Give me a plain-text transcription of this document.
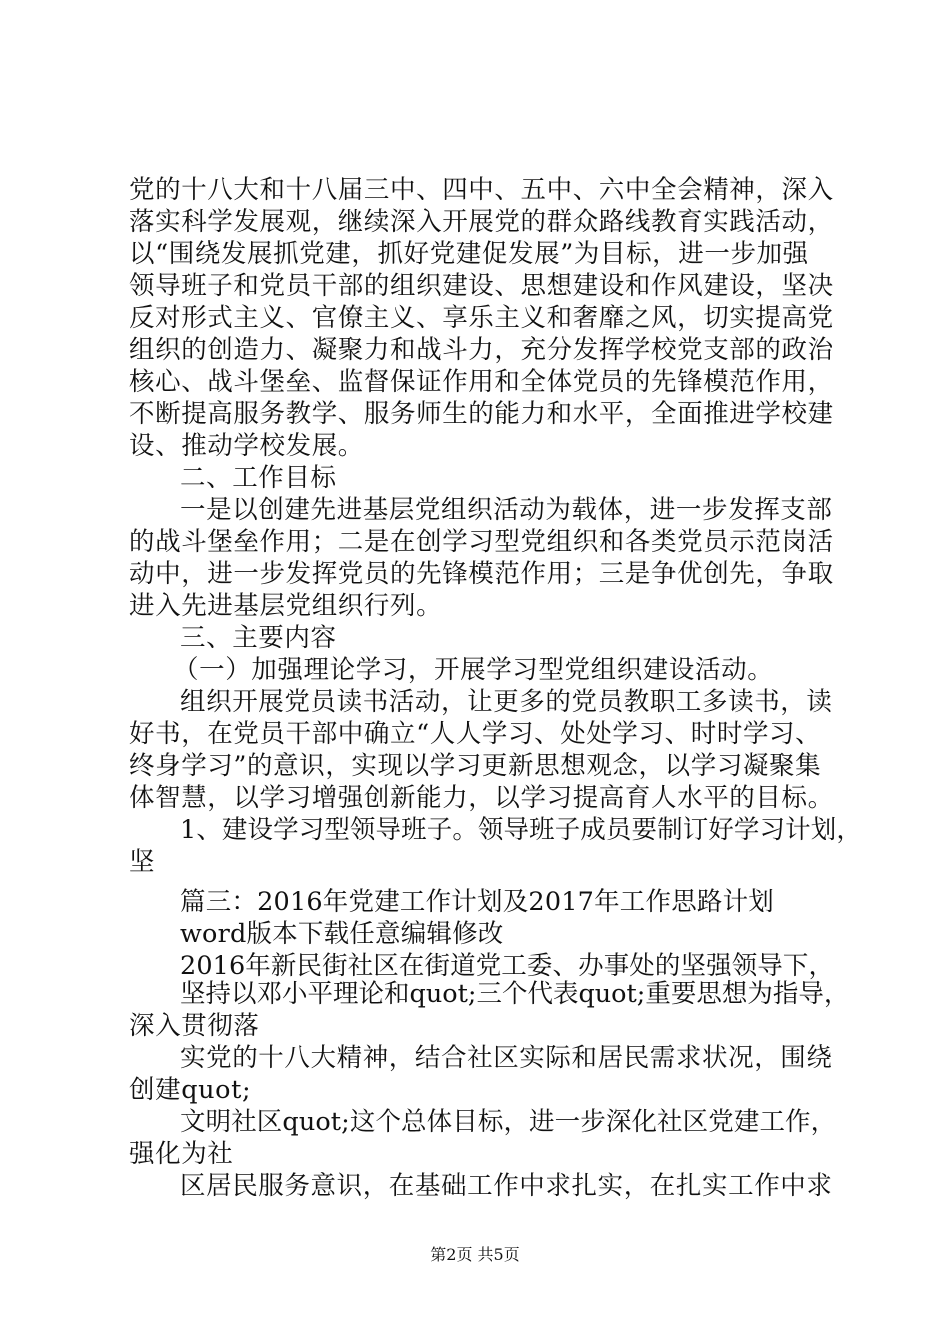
党的十八大和十八届三中、四中、五中、六中全会精神，深入
落实科学发展观，继续深入开展党的群众路线教育实践活动，
以“围绕发展抓党建，抓好党建促发展”为目标，进一步加强
领导班子和党员干部的组织建设、思想建设和作风建设，坚决
反对形式主义、官僚主义、享乐主义和奢靡之风，切实提高党
组织的创造力、凝聚力和战斗力，充分发挥学校党支部的政治
核心、战斗堡垒、监督保证作用和全体党员的先锋模范作用，
不断提高服务教学、服务师生的能力和水平，全面推进学校建
设、推动学校发展。
二、工作目标
一是以创建先进基层党组织活动为载体，进一步发挥支部
的战斗堡垒作用；二是在创学习型党组织和各类党员示范岗活
动中，进一步发挥党员的先锋模范作用；三是争优创先，争取
进入先进基层党组织行列。
三、主要内容
（一）加强理论学习，开展学习型党组织建设活动。
组织开展党员读书活动，让更多的党员教职工多读书，读
好书，在党员干部中确立“人人学习、处处学习、时时学习、
终身学习”的意识，实现以学习更新思想观念，以学习凝聚集
体智慧，以学习增强创新能力，以学习提高育人水平的目标。
1、建设学习型领导班子。领导班子成员要制订好学习计划，
坚
篇三：2016年党建工作计划及2017年工作思路计划
word版本下载任意编辑修改
2016年新民街社区在街道党工委、办事处的坚强领导下，
坚持以邓小平理论和quot;三个代表quot;重要思想为指导，
深入贯彻落
实党的十八大精神，结合社区实际和居民需求状况，围绕
创建quot;
文明社区quot;这个总体目标，进一步深化社区党建工作，
强化为社
区居民服务意识，在基础工作中求扎实，在扎实工作中求
第2页 共5页
